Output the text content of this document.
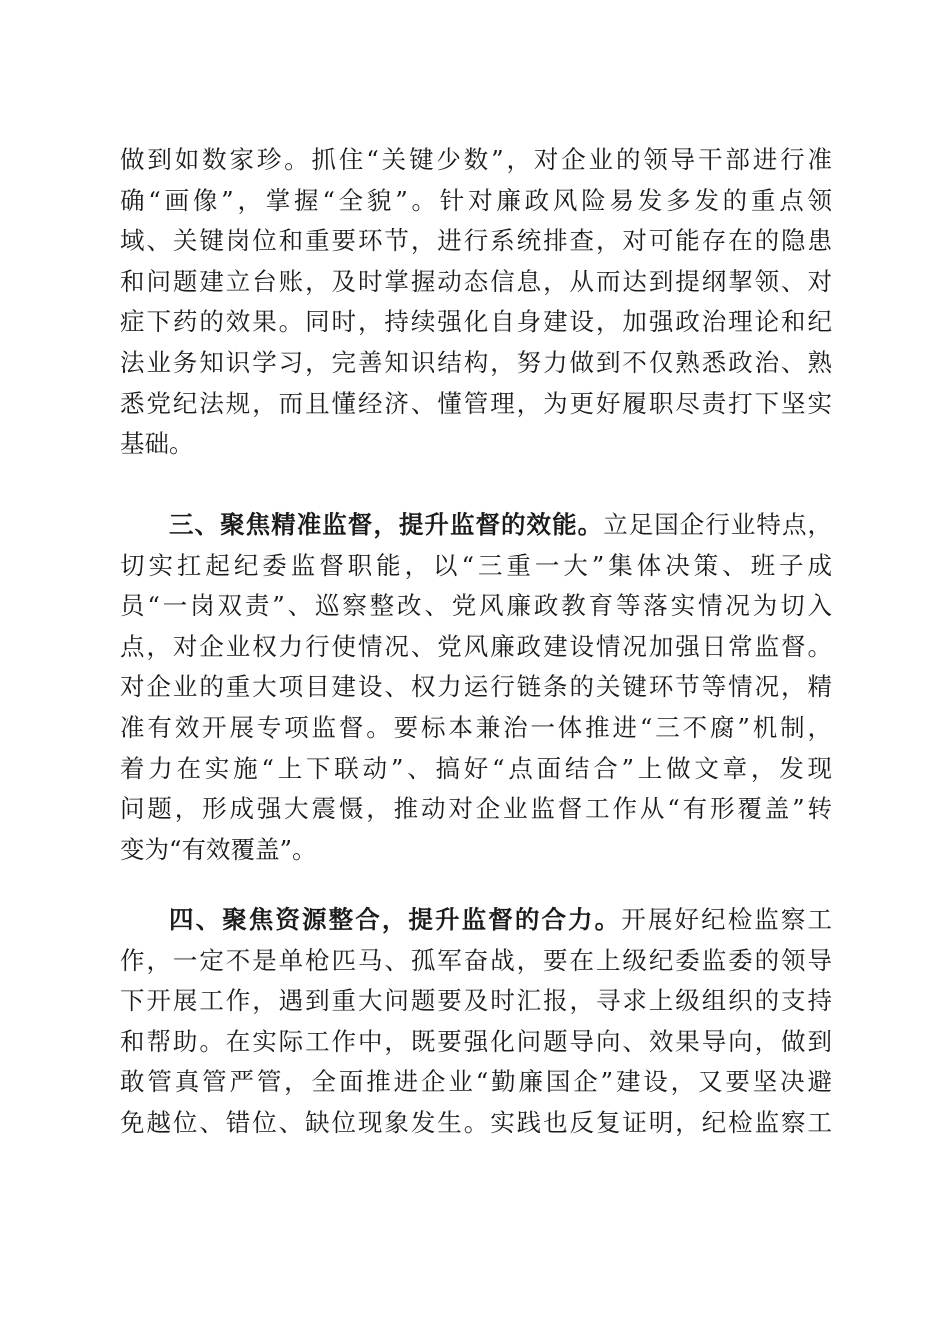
做到如数家珍。抓住“关键少数”，对企业的领导干部进行准
确“画像”，掌握“全貌”。针对廉政风险易发多发的重点领
域、关键岗位和重要环节，进行系统排查，对可能存在的隐患
和问题建立台账，及时掌握动态信息，从而达到提纲挈领、对
症下药的效果。同时，持续强化自身建设，加强政治理论和纪
法业务知识学习，完善知识结构，努力做到不仅熟悉政治、熟
悉党纪法规，而且懂经济、懂管理，为更好履职尽责打下坚实
基础。
三、聚焦精准监督，提升监督的效能。立足国企行业特点，
切实扛起纪委监督职能，以“三重一大”集体决策、班子成
员“一岗双责”、巡察整改、党风廉政教育等落实情况为切入
点，对企业权力行使情况、党风廉政建设情况加强日常监督。
对企业的重大项目建设、权力运行链条的关键环节等情况，精
准有效开展专项监督。要标本兼治一体推进“三不腐”机制，
着力在实施“上下联动”、搞好“点面结合”上做文章，发现
问题，形成强大震慑，推动对企业监督工作从“有形覆盖”转
变为“有效覆盖”。
四、聚焦资源整合，提升监督的合力。开展好纪检监察工
作，一定不是单枪匹马、孤军奋战，要在上级纪委监委的领导
下开展工作，遇到重大问题要及时汇报，寻求上级组织的支持
和帮助。在实际工作中，既要强化问题导向、效果导向，做到
敢管真管严管，全面推进企业“勤廉国企”建设，又要坚决避
免越位、错位、缺位现象发生。实践也反复证明，纪检监察工
